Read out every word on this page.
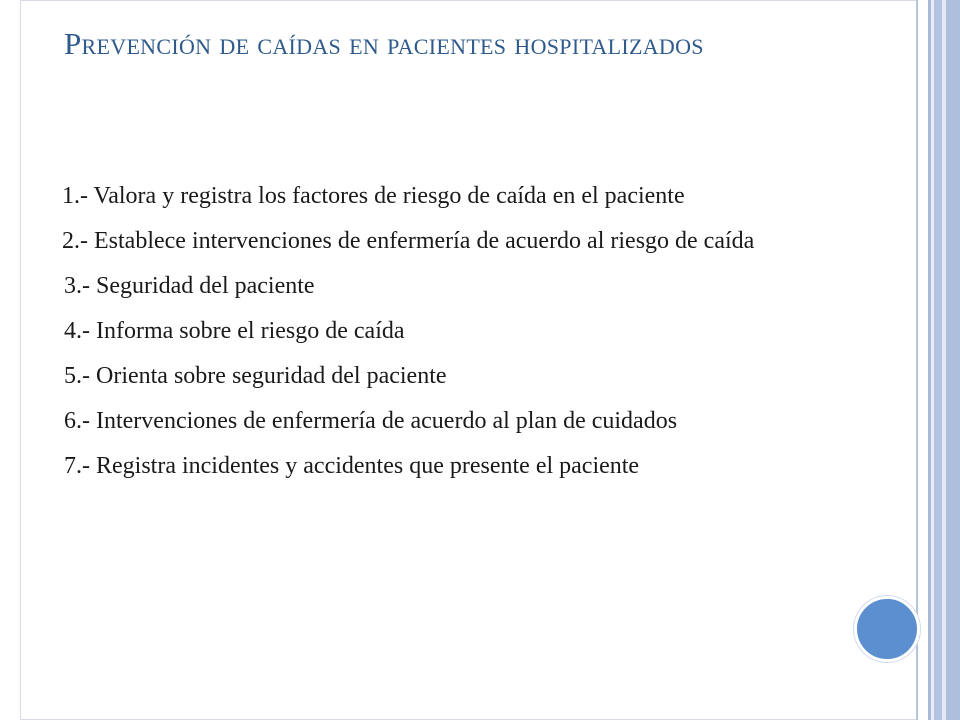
Prevención de caídas en pacientes hospitalizados
1.- Valora y registra los factores de riesgo de caída en el paciente
2.- Establece intervenciones de enfermería de acuerdo al riesgo de caída
3.- Seguridad del paciente
4.- Informa sobre el riesgo de caída
5.- Orienta sobre seguridad del paciente
6.- Intervenciones de enfermería de acuerdo al plan de cuidados
7.- Registra incidentes y accidentes que presente el paciente
